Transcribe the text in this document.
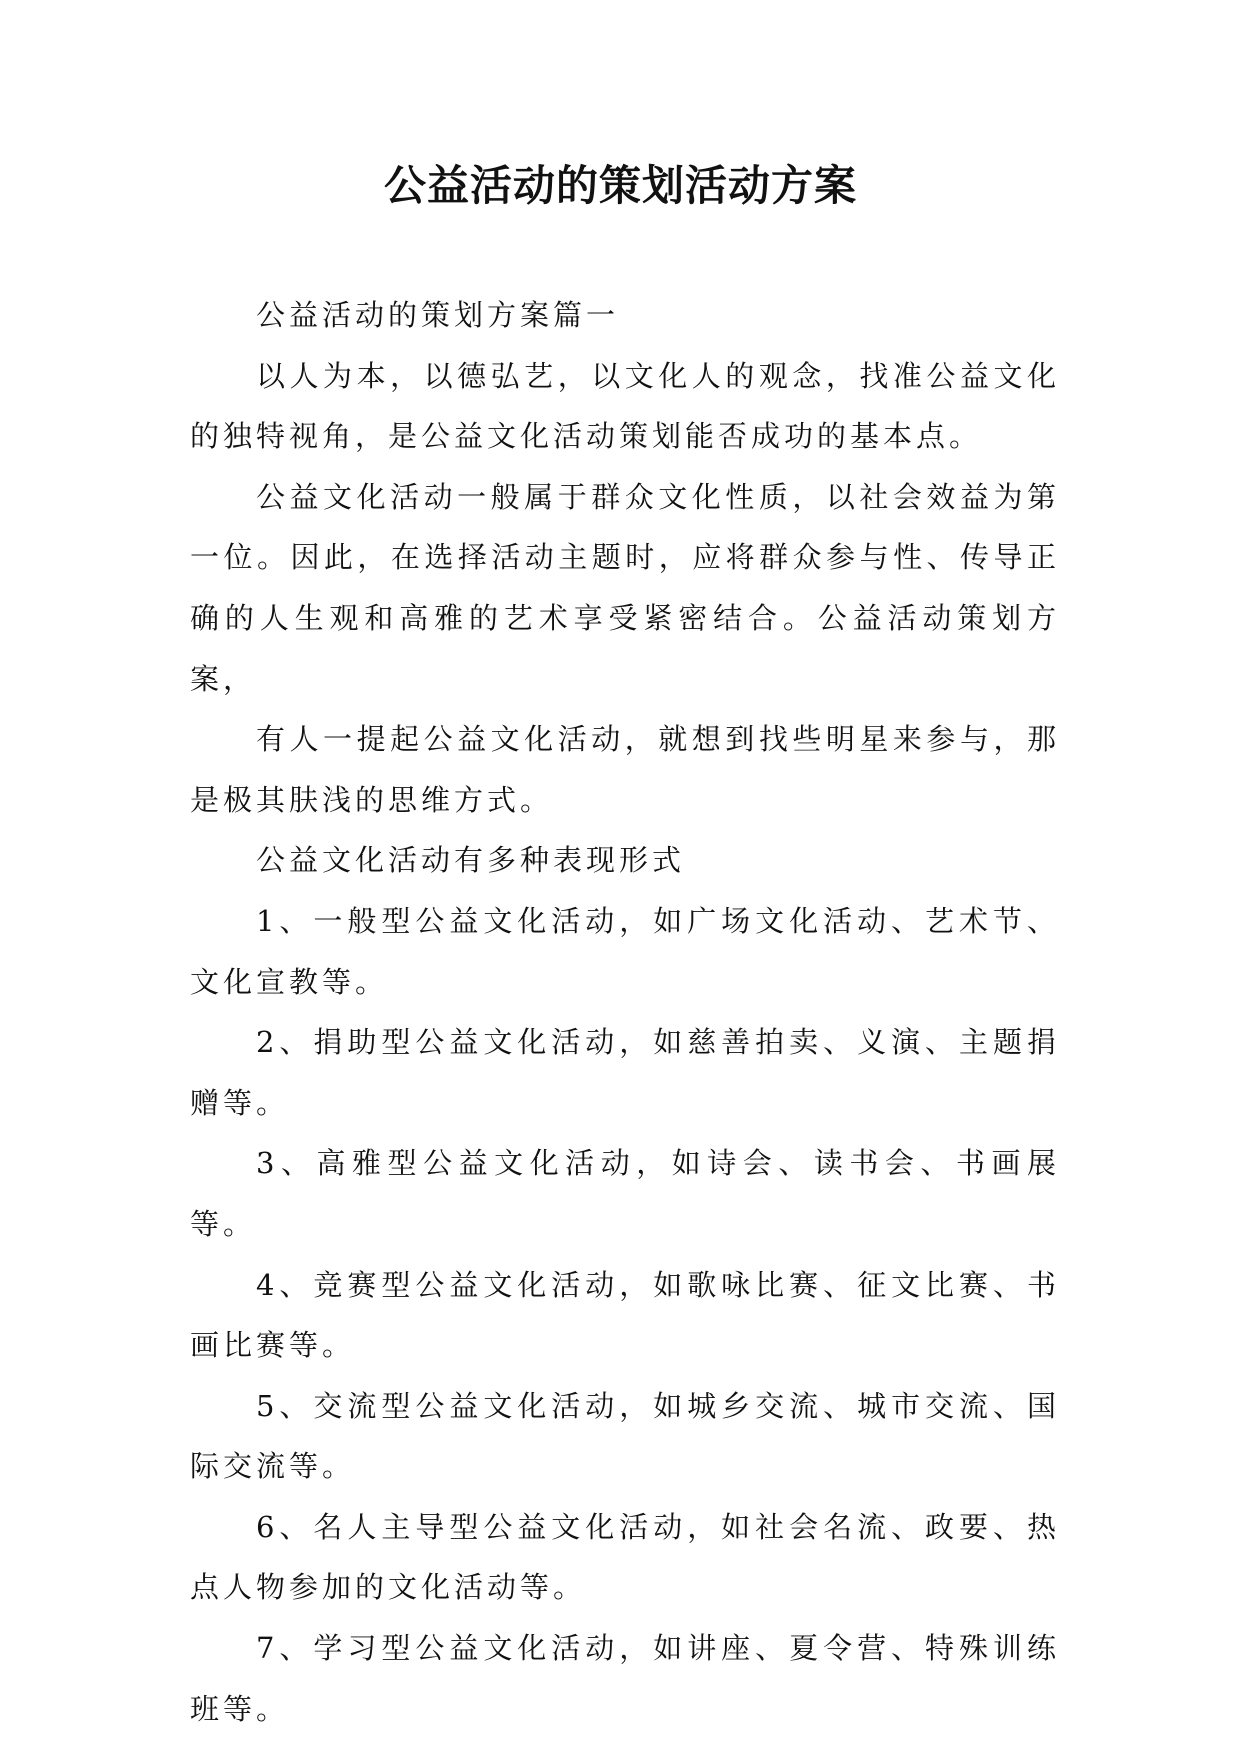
公益活动的策划活动方案

公益活动的策划方案篇一

以人为本，以德弘艺，以文化人的观念，找准公益文化的独特视角，是公益文化活动策划能否成功的基本点。

公益文化活动一般属于群众文化性质，以社会效益为第一位。因此，在选择活动主题时，应将群众参与性、传导正确的人生观和高雅的艺术享受紧密结合。公益活动策划方案，

有人一提起公益文化活动，就想到找些明星来参与，那是极其肤浅的思维方式。

公益文化活动有多种表现形式

1、一般型公益文化活动，如广场文化活动、艺术节、文化宣教等。

2、捐助型公益文化活动，如慈善拍卖、义演、主题捐赠等。

3、高雅型公益文化活动，如诗会、读书会、书画展等。

4、竞赛型公益文化活动，如歌咏比赛、征文比赛、书画比赛等。

5、交流型公益文化活动，如城乡交流、城市交流、国际交流等。

6、名人主导型公益文化活动，如社会名流、政要、热点人物参加的文化活动等。

7、学习型公益文化活动，如讲座、夏令营、特殊训练班等。
